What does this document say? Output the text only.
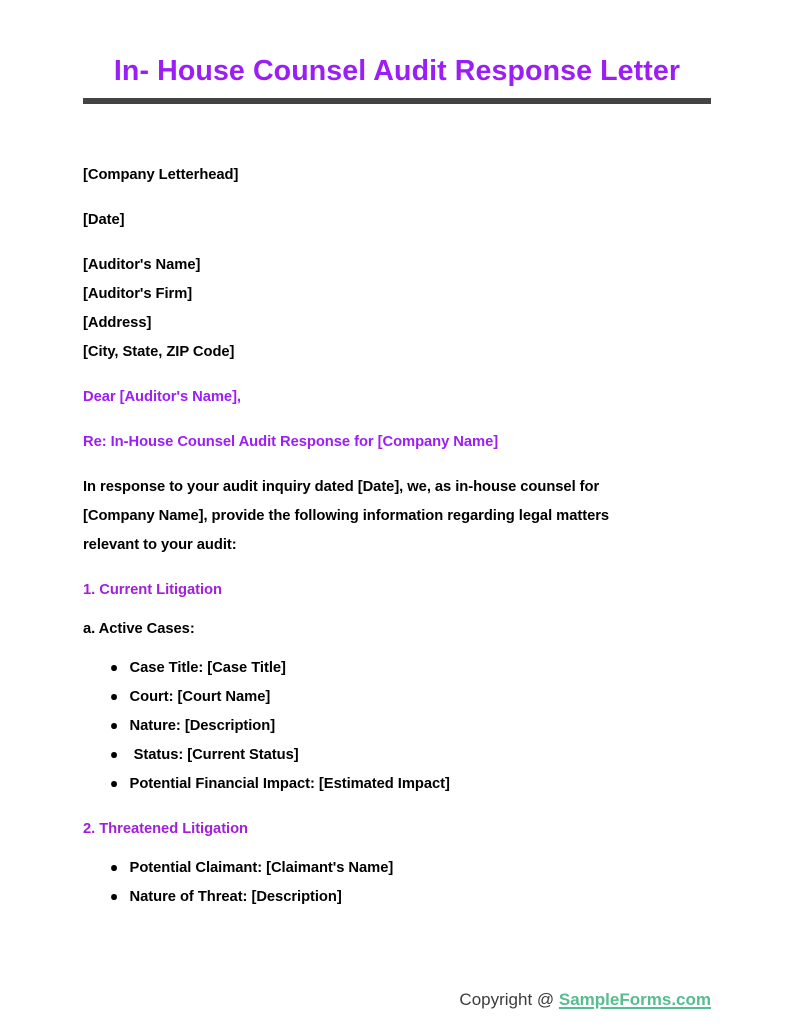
In- House Counsel Audit Response Letter
[Company Letterhead]
[Date]
[Auditor's Name]
[Auditor's Firm]
[Address]
[City, State, ZIP Code]
Dear [Auditor's Name],
Re: In-House Counsel Audit Response for [Company Name]
In response to your audit inquiry dated [Date], we, as in-house counsel for [Company Name], provide the following information regarding legal matters relevant to your audit:
1. Current Litigation
a. Active Cases:
Case Title: [Case Title]
Court: [Court Name]
Nature: [Description]
Status: [Current Status]
Potential Financial Impact: [Estimated Impact]
2. Threatened Litigation
Potential Claimant: [Claimant's Name]
Nature of Threat: [Description]
Copyright @ SampleForms.com
